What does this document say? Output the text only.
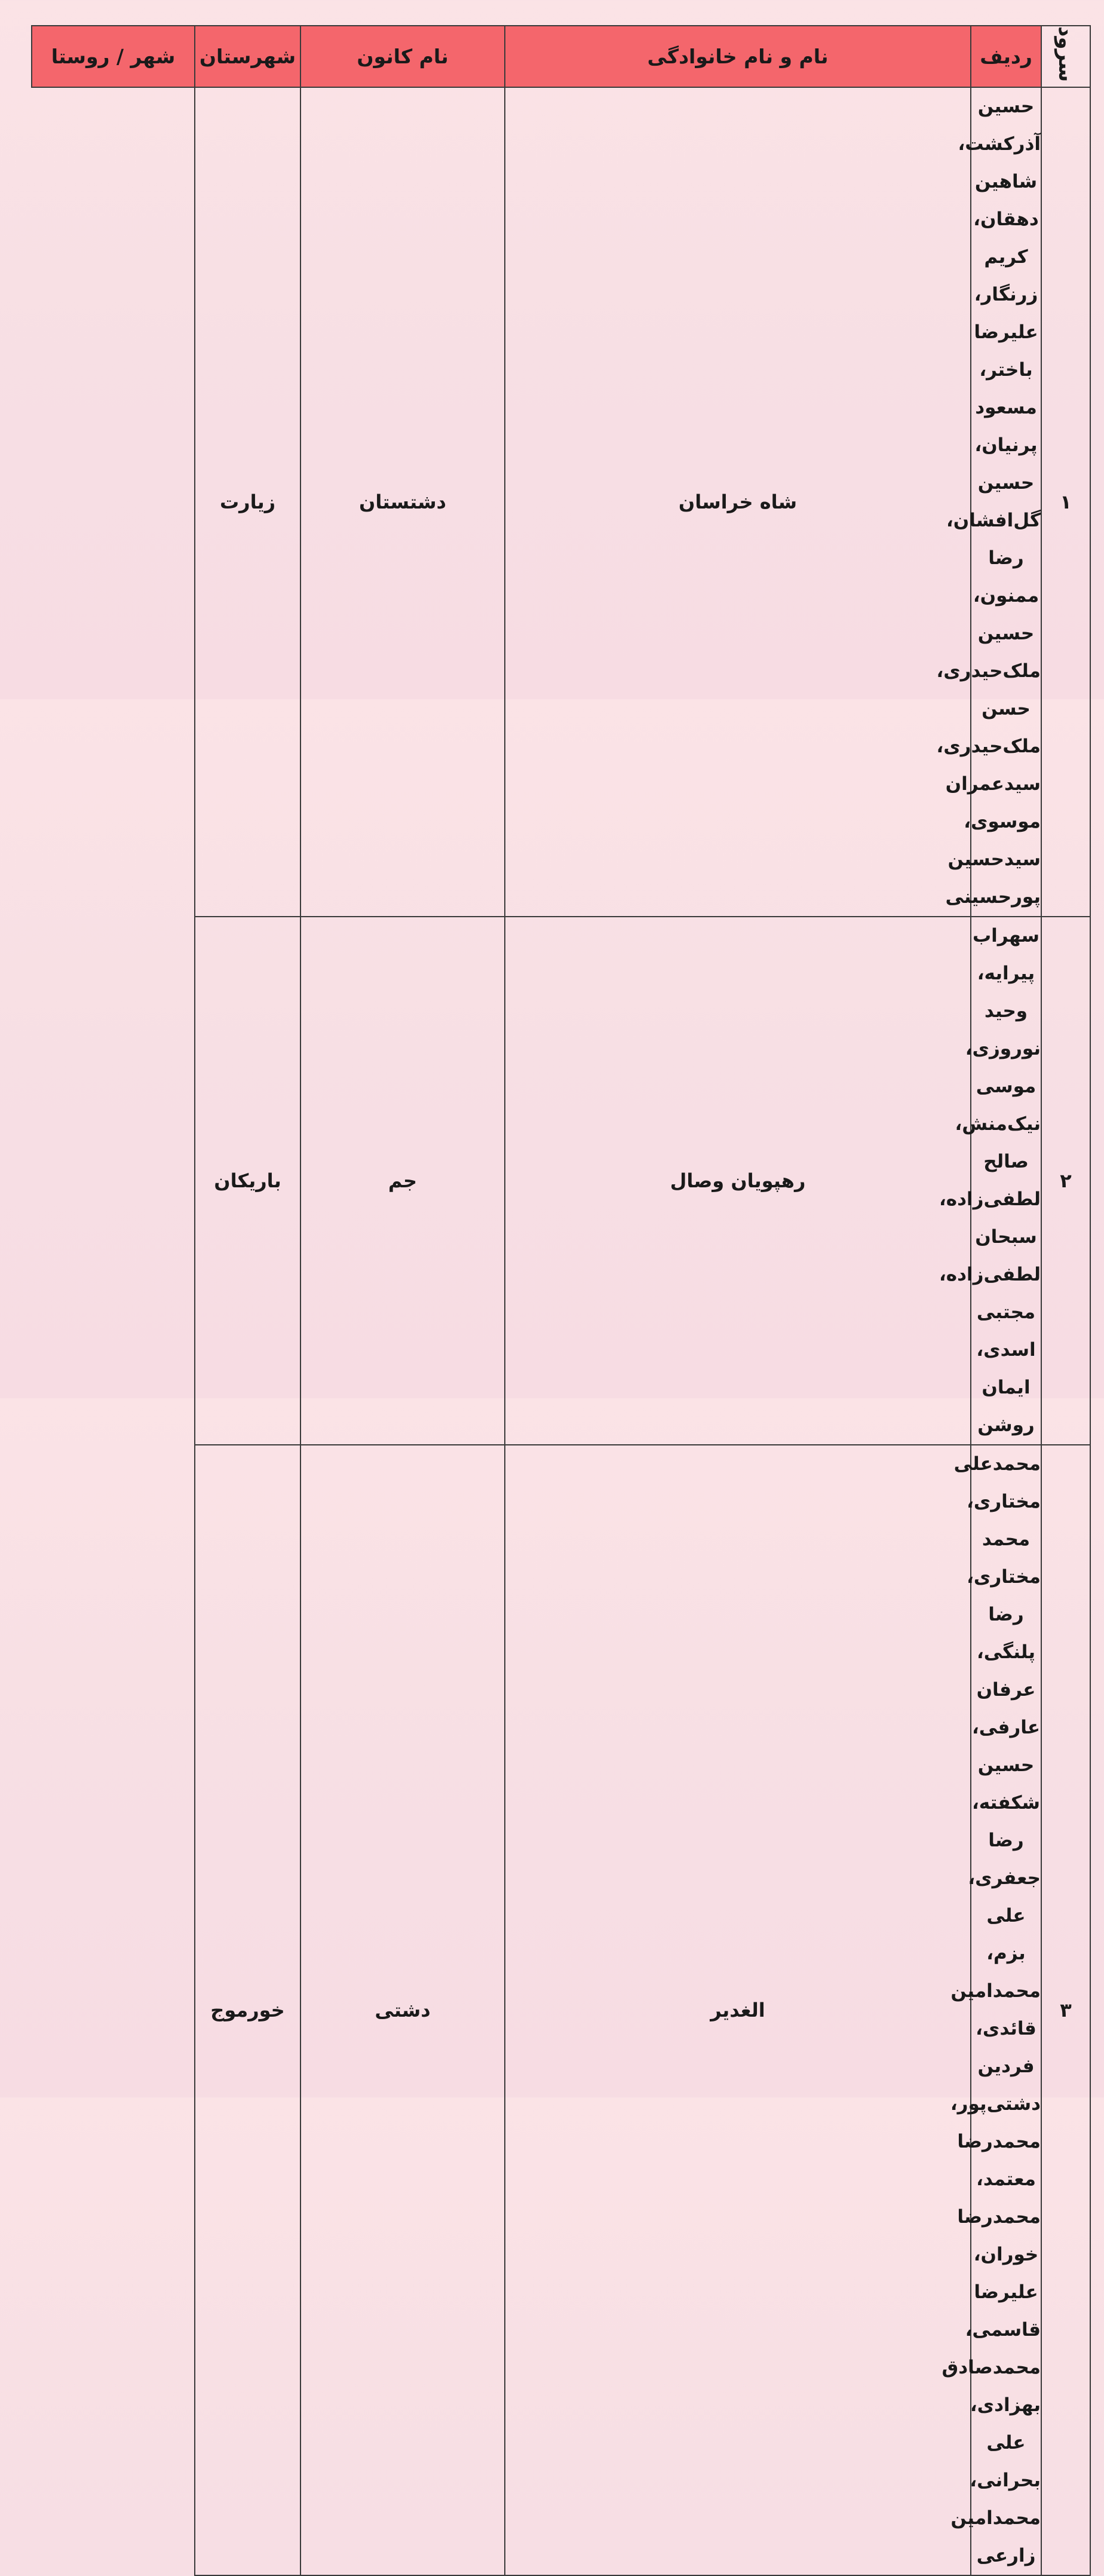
سرود	ردیف	نام و نام خانوادگی	نام کانون	شهرستان	شهر / روستا
۱	حسین آذرکشت، شاهین دهقان، کریم زرنگار،
علیرضا باختر، مسعود پرنیان، حسین گل‌افشان،
رضا ممنون، حسین ملک‌حیدری،
حسن ملک‌حیدری، سیدعمران موسوی،
سیدحسین پورحسینی	شاه خراسان	دشتستان	زیارت	
۲	سهراب پیرایه، وحید نوروزی،
موسی نیک‌منش، صالح لطفی‌زاده،
سبحان لطفی‌زاده،
مجتبی اسدی،
ایمان روشن	رهپویان وصال	جم	باریکان	
۳	محمدعلی مختاری، محمد مختاری، رضا پلنگی،
عرفان عارفی، حسین شکفته، رضا جعفری، علی بزم،
محمدامین قائدی، فردین دشتی‌پور، محمدرضا معتمد،
محمدرضا خوران، علیرضا قاسمی، محمدصادق بهزادی،
علی بحرانی، محمدامین زارعی	الغدیر	دشتی	خورموج	
